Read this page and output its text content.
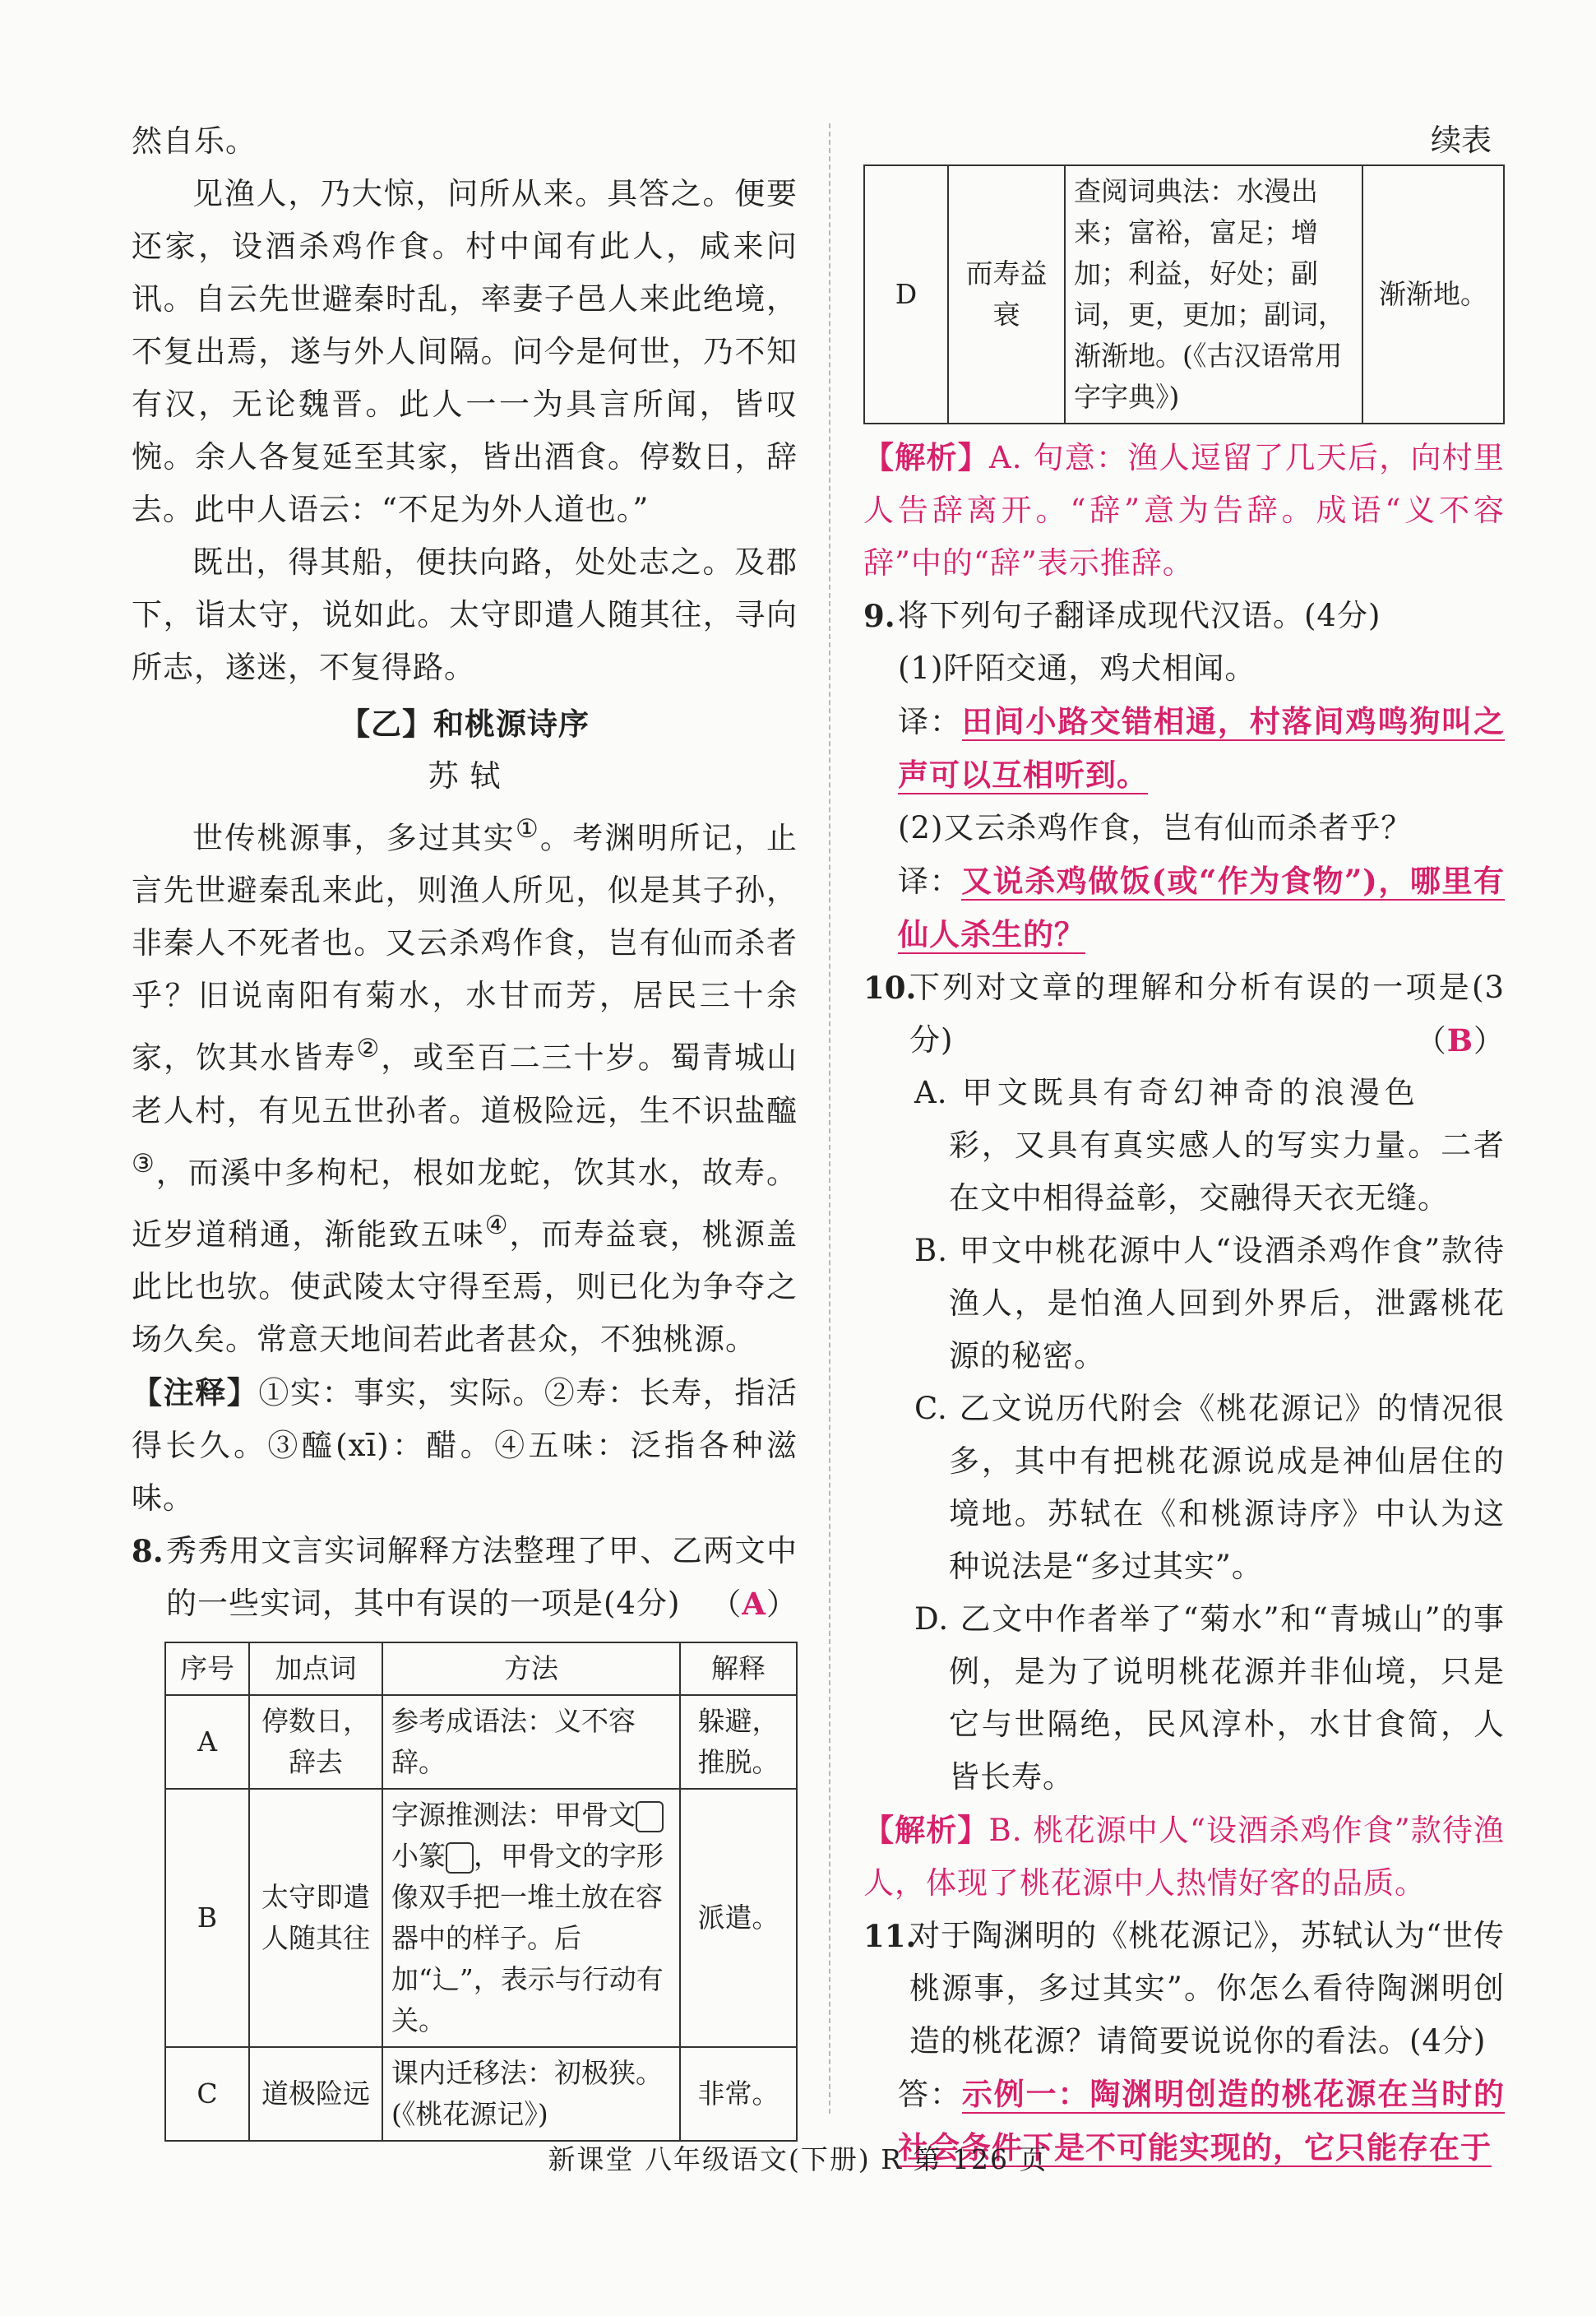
然自乐。

见渔人，乃大惊，问所从来。具答之。便要还家，设酒杀鸡作食。村中闻有此人，咸来问讯。自云先世避秦时乱，率妻子邑人来此绝境，不复出焉，遂与外人间隔。问今是何世，乃不知有汉，无论魏晋。此人一一为具言所闻，皆叹惋。余人各复延至其家，皆出酒食。停数日，辞去。此中人语云：“不足为外人道也。”

既出，得其船，便扶向路，处处志之。及郡下，诣太守，说如此。太守即遣人随其往，寻向所志，遂迷，不复得路。

【乙】和桃源诗序

苏 轼

世传桃源事，多过其实①。考渊明所记，止言先世避秦乱来此，则渔人所见，似是其子孙，非秦人不死者也。又云杀鸡作食，岂有仙而杀者乎？旧说南阳有菊水，水甘而芳，居民三十余家，饮其水皆寿②，或至百二三十岁。蜀青城山老人村，有见五世孙者。道极险远，生不识盐醯③，而溪中多枸杞，根如龙蛇，饮其水，故寿。近岁道稍通，渐能致五味④，而寿益衰，桃源盖此比也欤。使武陵太守得至焉，则已化为争夺之场久矣。常意天地间若此者甚众，不独桃源。

【注释】①实：事实，实际。②寿：长寿，指活得长久。③醯(xī)：醋。④五味：泛指各种滋味。

8. 秀秀用文言实词解释方法整理了甲、乙两文中的一些实词，其中有误的一项是(4分) （A）

序号	加点词	方法	解释
A	停数日，辞去	参考成语法：义不容辞。	躲避，推脱。
B	太守即遣人随其往	字源推测法：甲骨文小篆 ，甲骨文的字形像双手把一堆土放在容器中的样子。后加“辶”，表示与行动有关。	派遣。
C	道极险远	课内迁移法：初极狭。(《桃花源记》)	非常。
续表
D	而寿益衰	查阅词典法：水漫出来；富裕，富足；增加；利益，好处；副词，更，更加；副词，渐渐地。(《古汉语常用字字典》)	渐渐地。

【解析】A. 句意：渔人逗留了几天后，向村里人告辞离开。“辞”意为告辞。成语“义不容辞”中的“辞”表示推辞。

9. 将下列句子翻译成现代汉语。(4分)

(1)阡陌交通，鸡犬相闻。

译：田间小路交错相通，村落间鸡鸣狗叫之声可以互相听到。

(2)又云杀鸡作食，岂有仙而杀者乎？

译：又说杀鸡做饭(或“作为食物”)，哪里有仙人杀生的？

10.

下列对文章的理解和分析有误的一项是(3分)	（B）

A. 甲文既具有奇幻神奇的浪漫色彩，又具有真实感人的写实力量。二者在文中相得益彰，交融得天衣无缝。

B. 甲文中桃花源中人“设酒杀鸡作食”款待渔人，是怕渔人回到外界后，泄露桃花源的秘密。

C. 乙文说历代附会《桃花源记》的情况很多，其中有把桃花源说成是神仙居住的境地。苏轼在《和桃源诗序》中认为这种说法是“多过其实”。

D. 乙文中作者举了“菊水”和“青城山”的事例，是为了说明桃花源并非仙境，只是它与世隔绝，民风淳朴，水甘食简，人皆长寿。

【解析】B. 桃花源中人“设酒杀鸡作食”款待渔人，体现了桃花源中人热情好客的品质。

11.

对于陶渊明的《桃花源记》，苏轼认为“世传桃源事，多过其实”。你怎么看待陶渊明创造的桃花源？请简要说说你的看法。(4分)

答：示例一：陶渊明创造的桃花源在当时的社会条件下是不可能实现的，它只能存在于

新课堂 八年级语文(下册) R 第 126 页
